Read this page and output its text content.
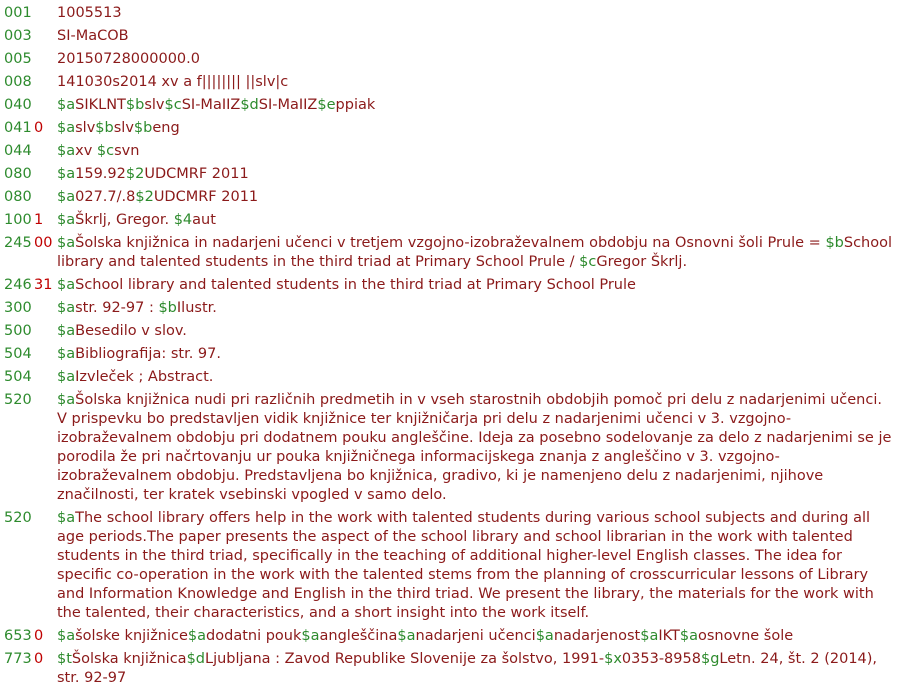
001 1005513
003 SI-MaCOB
005 20150728000000.0
008 141030s2014 xv a f|||||||| ||slv|c
040 $aSIKLNT$bslv$cSI-MaIIZ$dSI-MaIIZ$eppiak
041 0 $aslv$bslv$beng
044 $axv $csvn
080 $a159.92$2UDCMRF 2011
080 $a027.7/.8$2UDCMRF 2011
100 1 $aŠkrlj, Gregor. $4aut
245 00 $aŠolska knjižnica in nadarjeni učenci v tretjem vzgojno-izobraževalnem obdobju na Osnovni šoli Prule = $bSchool library and talented students in the third triad at Primary School Prule / $cGregor Škrlj.
246 31 $aSchool library and talented students in the third triad at Primary School Prule
300 $astr. 92-97 : $bIlustr.
500 $aBesedilo v slov.
504 $aBibliografija: str. 97.
504 $aIzvleček ; Abstract.
520 $aŠolska knjižnica nudi pri različnih predmetih in v vseh starostnih obdobjih pomoč pri delu z nadarjenimi učenci. V prispevku bo predstavljen vidik knjižnice ter knjižničarja pri delu z nadarjenimi učenci v 3. vzgojno-izobraževalnem obdobju pri dodatnem pouku angleščine. Ideja za posebno sodelovanje za delo z nadarjenimi se je porodila že pri načrtovanju ur pouka knjižničnega informacijskega znanja z angleščino v 3. vzgojno-izobraževalnem obdobju. Predstavljena bo knjižnica, gradivo, ki je namenjeno delu z nadarjenimi, njihove značilnosti, ter kratek vsebinski vpogled v samo delo.
520 $aThe school library offers help in the work with talented students during various school subjects and during all age periods.The paper presents the aspect of the school library and school librarian in the work with talented students in the third triad, specifically in the teaching of additional higher-level English classes. The idea for specific co-operation in the work with the talented stems from the planning of crosscurricular lessons of Library and Information Knowledge and English in the third triad. We present the library, the materials for the work with the talented, their characteristics, and a short insight into the work itself.
653 0 $ašolske knjižnice$adodatni pouk$aangleščina$anadarjeni učenci$anadarjenost$aIKT$aosnovne šole
773 0 $tŠolska knjižnica$dLjubljana : Zavod Republike Slovenije za šolstvo, 1991-$x0353-8958$gLetn. 24, št. 2 (2014), str. 92-97
